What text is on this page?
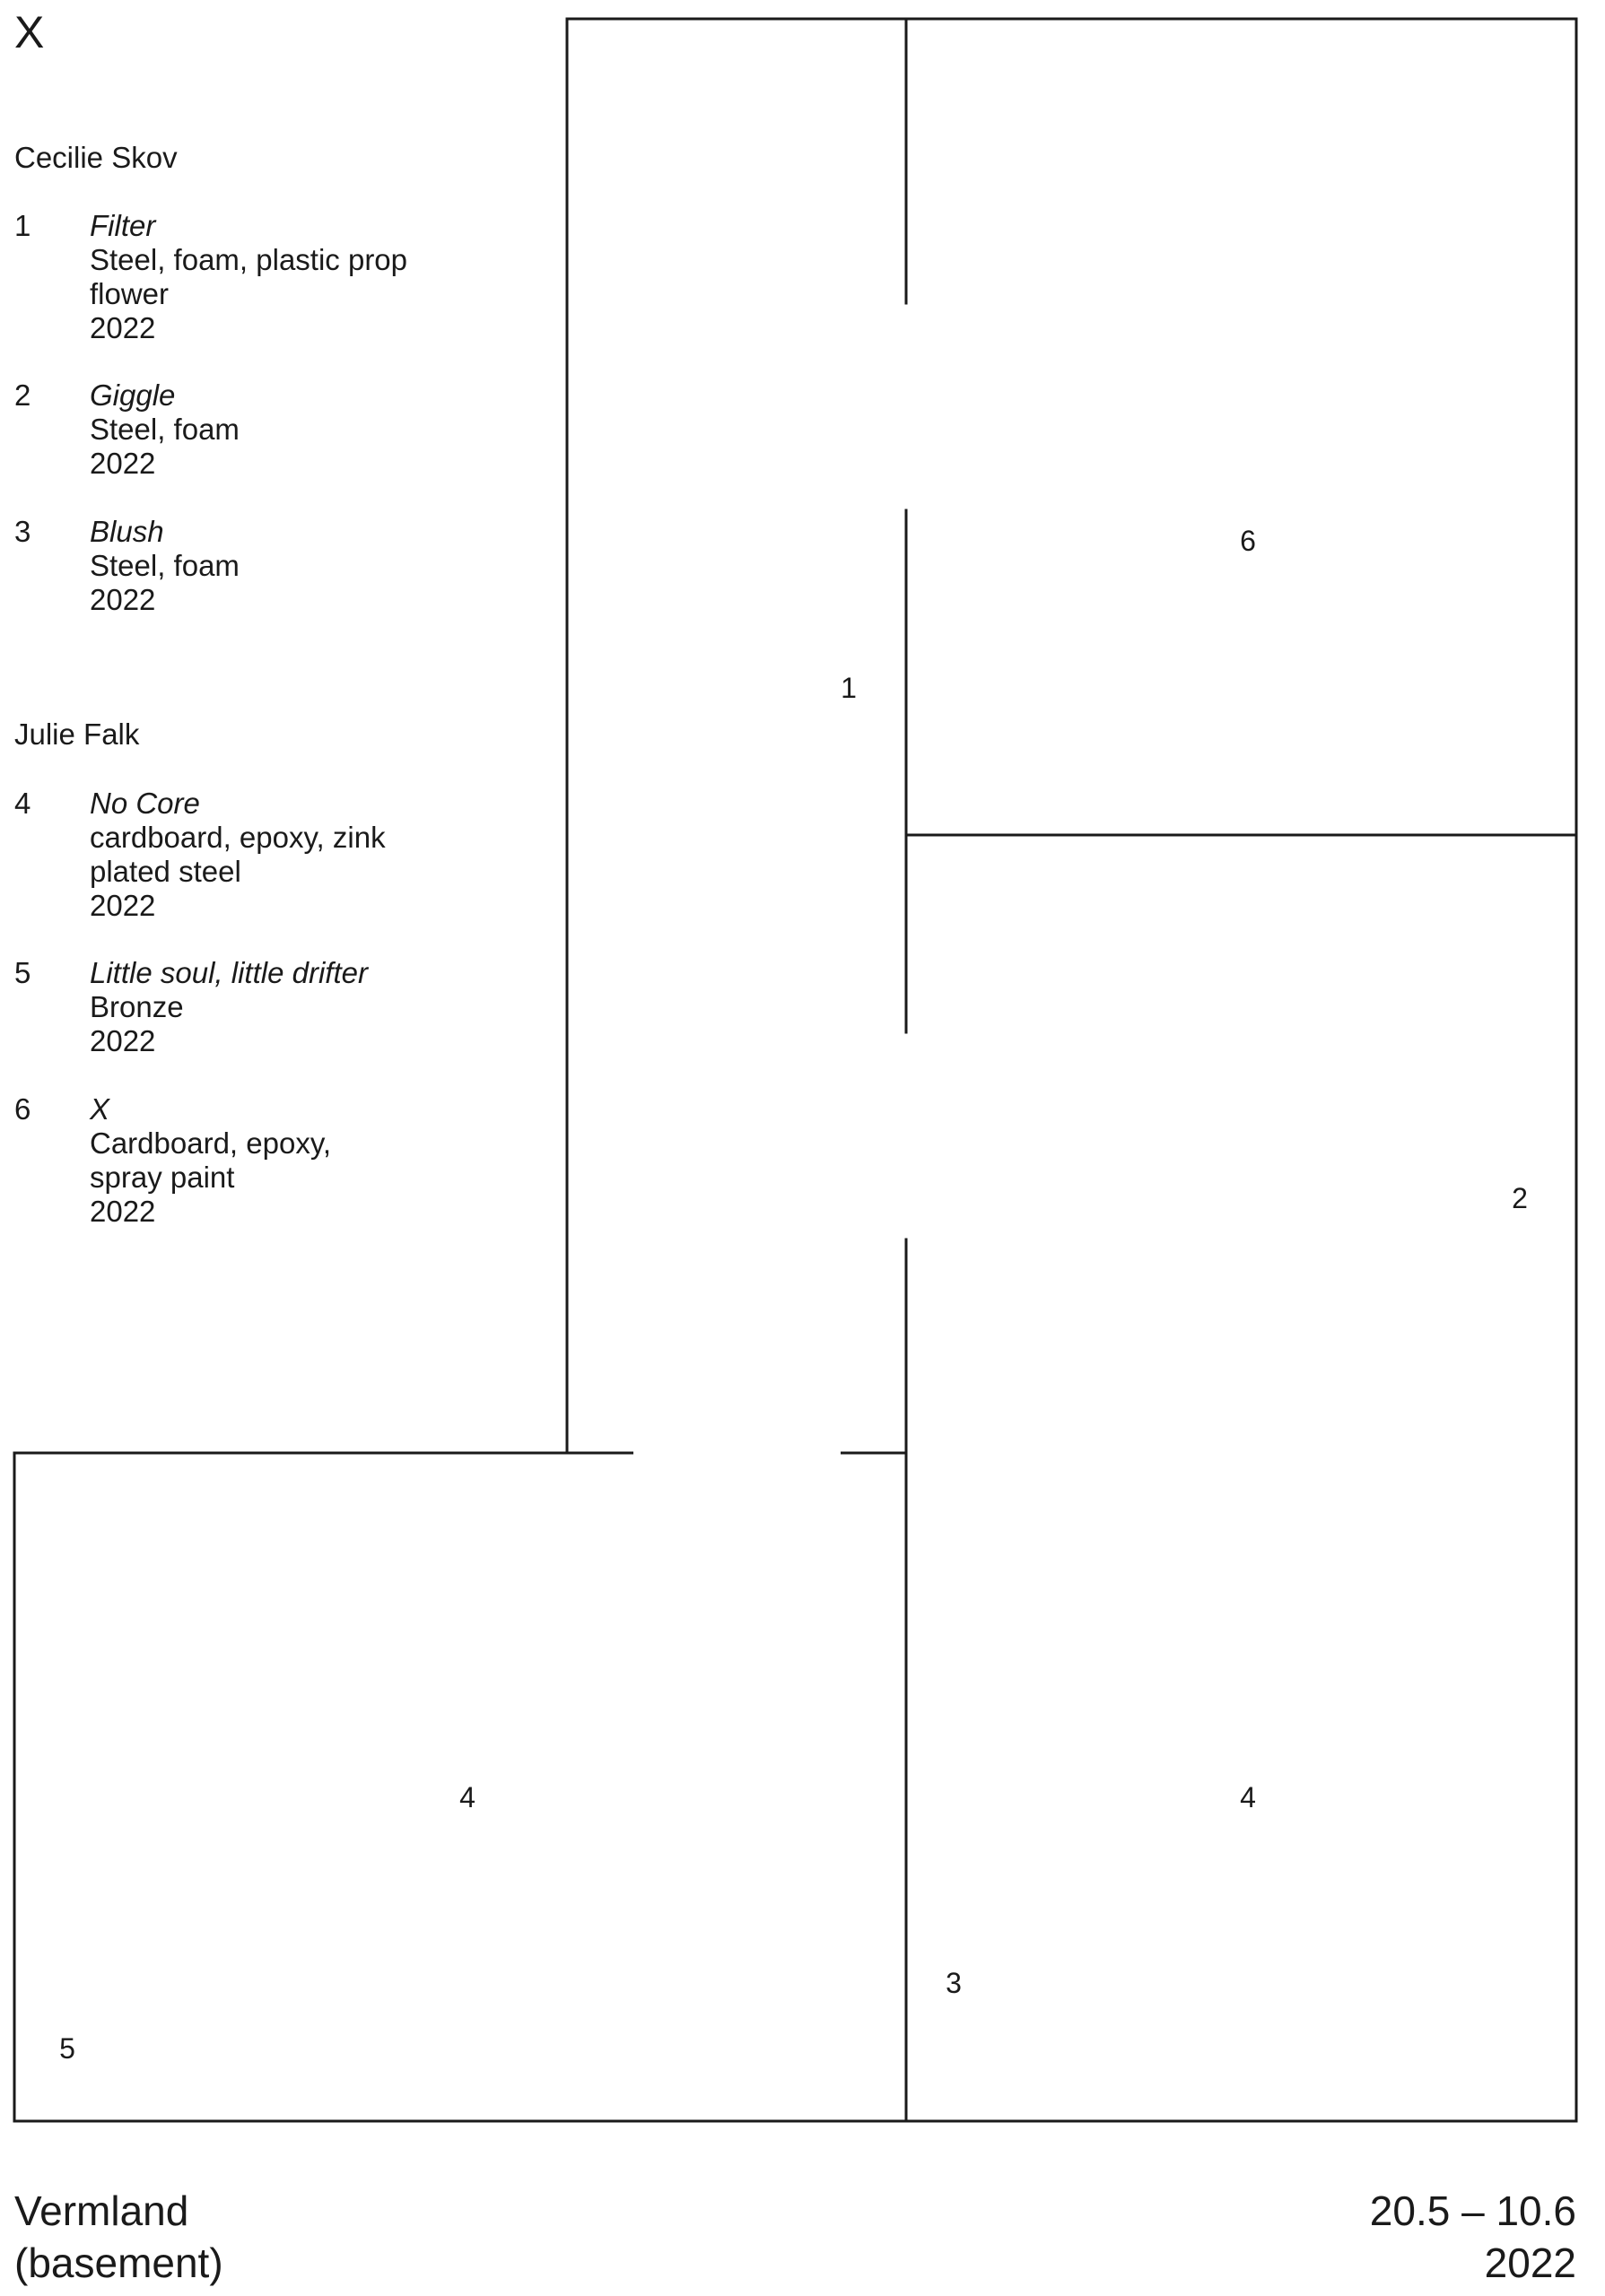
X
Cecilie Skov
1 Filter
Steel, foam, plastic prop
flower
2022
2 Giggle
Steel, foam
2022
3 Blush
Steel, foam
2022
Julie Falk
4 No Core
cardboard, epoxy, zink
plated steel
2022
5 Little soul, little drifter
Bronze
2022
6 X
Cardboard, epoxy,
spray paint
2022
1
2
3
4	4
5
6
Vermland
(basement)
20.5 – 10.6
2022
